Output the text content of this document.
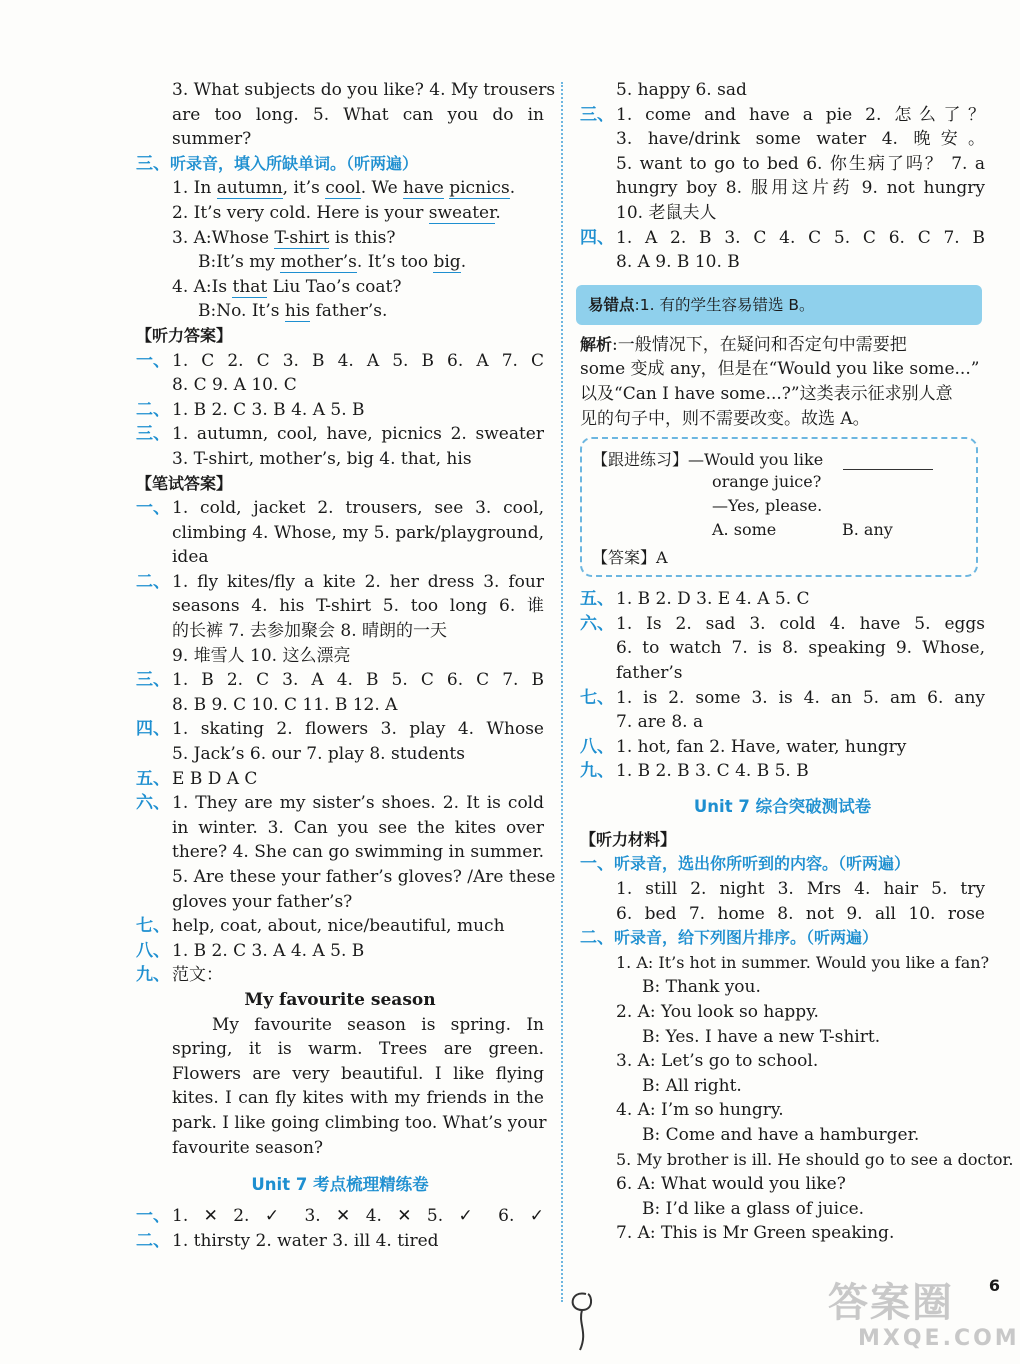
3. What subjects do you like? 4. My trousers
are too long. 5. What can you do in
summer?
三、 听录音，填入所缺单词。（听两遍）
1. In autumn, it’s cool. We have picnics.
2. It’s very cold. Here is your sweater.
3. A:Whose T-shirt is this?
B:It’s my mother’s. It’s too big.
4. A:Is that Liu Tao’s coat?
B:No. It’s his father’s.
【听力答案】
一、 1. C 2. C 3. B 4. A 5. B 6. A 7. C
8. C 9. A 10. C
二、 1. B 2. C 3. B 4. A 5. B
三、 1. autumn, cool, have, picnics 2. sweater
3. T-shirt, mother’s, big 4. that, his
【笔试答案】
一、 1. cold, jacket 2. trousers, see 3. cool,
climbing 4. Whose, my 5. park/playground,
idea
二、 1. fly kites/fly a kite 2. her dress 3. four
seasons 4. his T-shirt 5. too long 6. 谁
的长裤 7. 去参加聚会 8. 晴朗的一天
9. 堆雪人 10. 这么漂亮
三、 1. B 2. C 3. A 4. B 5. C 6. C 7. B
8. B 9. C 10. C 11. B 12. A
四、 1. skating 2. flowers 3. play 4. Whose
5. Jack’s 6. our 7. play 8. students
五、 E B D A C
六、 1. They are my sister’s shoes. 2. It is cold
in winter. 3. Can you see the kites over
there? 4. She can go swimming in summer.
5. Are these your father’s gloves? /Are these
gloves your father’s?
七、 help, coat, about, nice/beautiful, much
八、 1. B 2. C 3. A 4. A 5. B
九、 范文：
My favourite season
My favourite season is spring. In
spring, it is warm. Trees are green.
Flowers are very beautiful. I like flying
kites. I can fly kites with my friends in the
park. I like going climbing too. What’s your
favourite season?
Unit 7 考点梳理精练卷
一、 1. ✕ 2. ✓ 3. ✕ 4. ✕ 5. ✓ 6. ✓
二、 1. thirsty 2. water 3. ill 4. tired
5. happy 6. sad
三、 1. come and have a pie 2. 怎么了？
3. have/drink some water 4. 晚安。
5. want to go to bed 6. 你生病了吗？ 7. a
hungry boy 8. 服用这片药 9. not hungry
10. 老鼠夫人
四、 1. A 2. B 3. C 4. C 5. C 6. C 7. B
8. A 9. B 10. B
易错点:1. 有的学生容易错选 B。
解析:一般情况下，在疑问和否定句中需要把
some 变成 any，但是在“Would you like some...”
以及“Can I have some...?”这类表示征求别人意
见的句子中，则不需要改变。故选 A。
【跟进练习】—Would you like
orange juice?
—Yes, please.
A. some	B. any
【答案】A
五、 1. B 2. D 3. E 4. A 5. C
六、 1. Is 2. sad 3. cold 4. have 5. eggs
6. to watch 7. is 8. speaking 9. Whose,
father’s
七、 1. is 2. some 3. is 4. an 5. am 6. any
7. are 8. a
八、 1. hot, fan 2. Have, water, hungry
九、 1. B 2. B 3. C 4. B 5. B
Unit 7 综合突破测试卷
【听力材料】
一、 听录音，选出你所听到的内容。（听两遍）
1. still 2. night 3. Mrs 4. hair 5. try
6. bed 7. home 8. not 9. all 10. rose
二、 听录音，给下列图片排序。（听两遍）
1. A: It’s hot in summer. Would you like a fan?
B: Thank you.
2. A: You look so happy.
B: Yes. I have a new T-shirt.
3. A: Let’s go to school.
B: All right.
4. A: I’m so hungry.
B: Come and have a hamburger.
5. My brother is ill. He should go to see a doctor.
6. A: What would you like?
B: I’d like a glass of juice.
7. A: This is Mr Green speaking.
6
答案圈
MXQE.COM
